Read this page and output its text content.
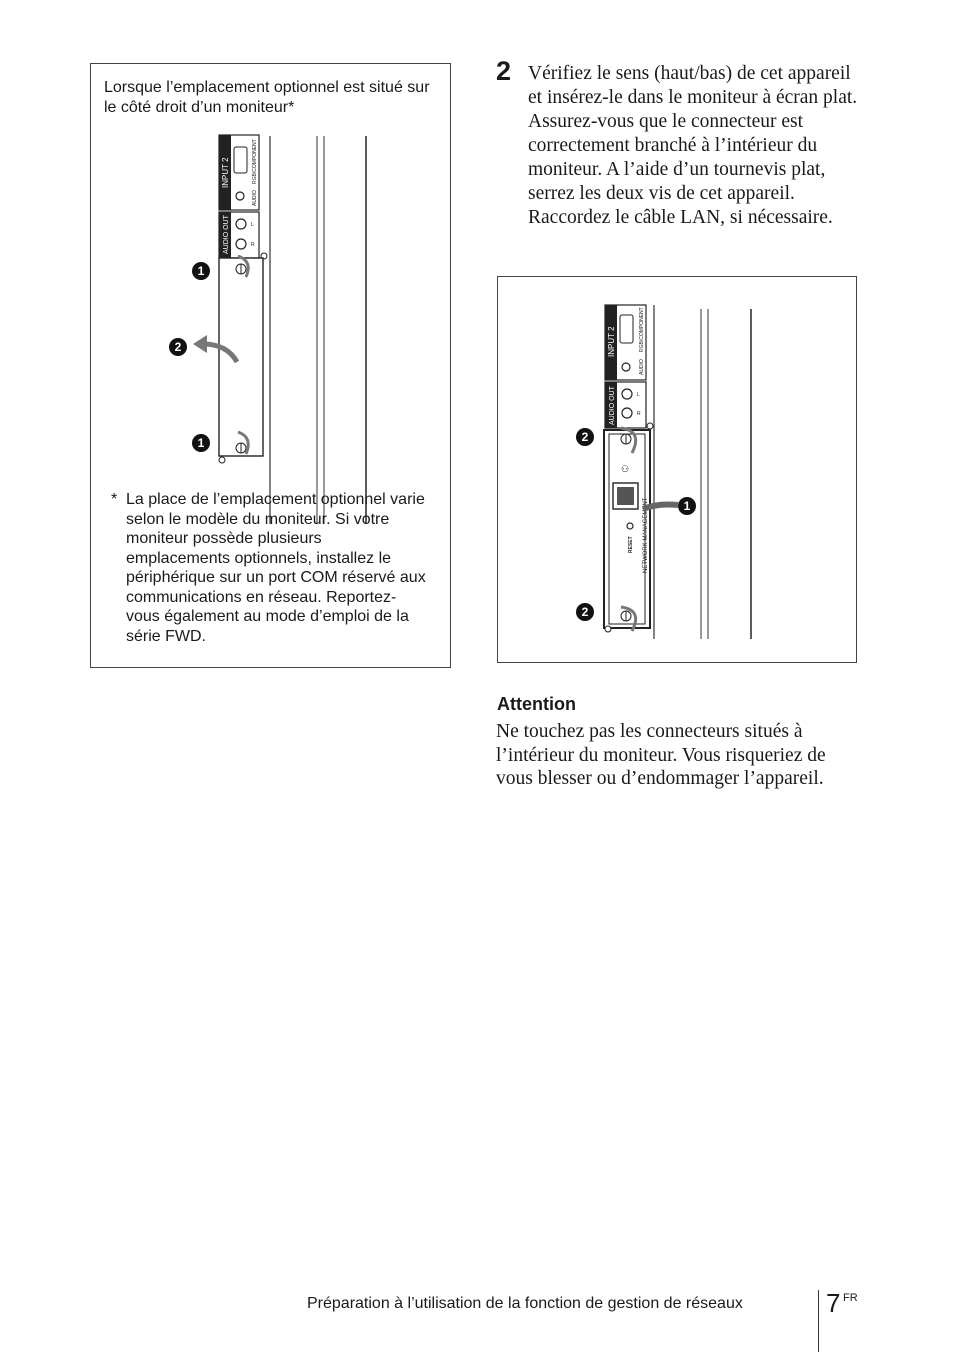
Lorsque l’emplacement optionnel est situé sur le côté droit d’un moniteur*
INPUT 2	RGB/COMPONENT
AUDIO
AUDIO OUT	L
R
1
2
1
* La place de l’emplacement optionnel varie selon le modèle du moniteur. Si votre moniteur possède plusieurs emplacements optionnels, installez le périphérique sur un port COM réservé aux communications en réseau. Reportez-vous également au mode d’emploi de la série FWD.
2 Vérifiez le sens (haut/bas) de cet appareil et insérez-le dans le moniteur à écran plat. Assurez-vous que le connecteur est correctement branché à l’intérieur du moniteur. A l’aide d’un tournevis plat, serrez les deux vis de cet appareil. Raccordez le câble LAN, si nécessaire.
INPUT 2	RGB/COMPONENT
AUDIO
AUDIO OUT	L
R
⚇
RESET NETWORK MANAGEMENT
2
1
2
Attention
Ne touchez pas les connecteurs situés à l’intérieur du moniteur. Vous risqueriez de vous blesser ou d’endommager l’appareil.
Préparation à l’utilisation de la fonction de gestion de réseaux	7 FR
